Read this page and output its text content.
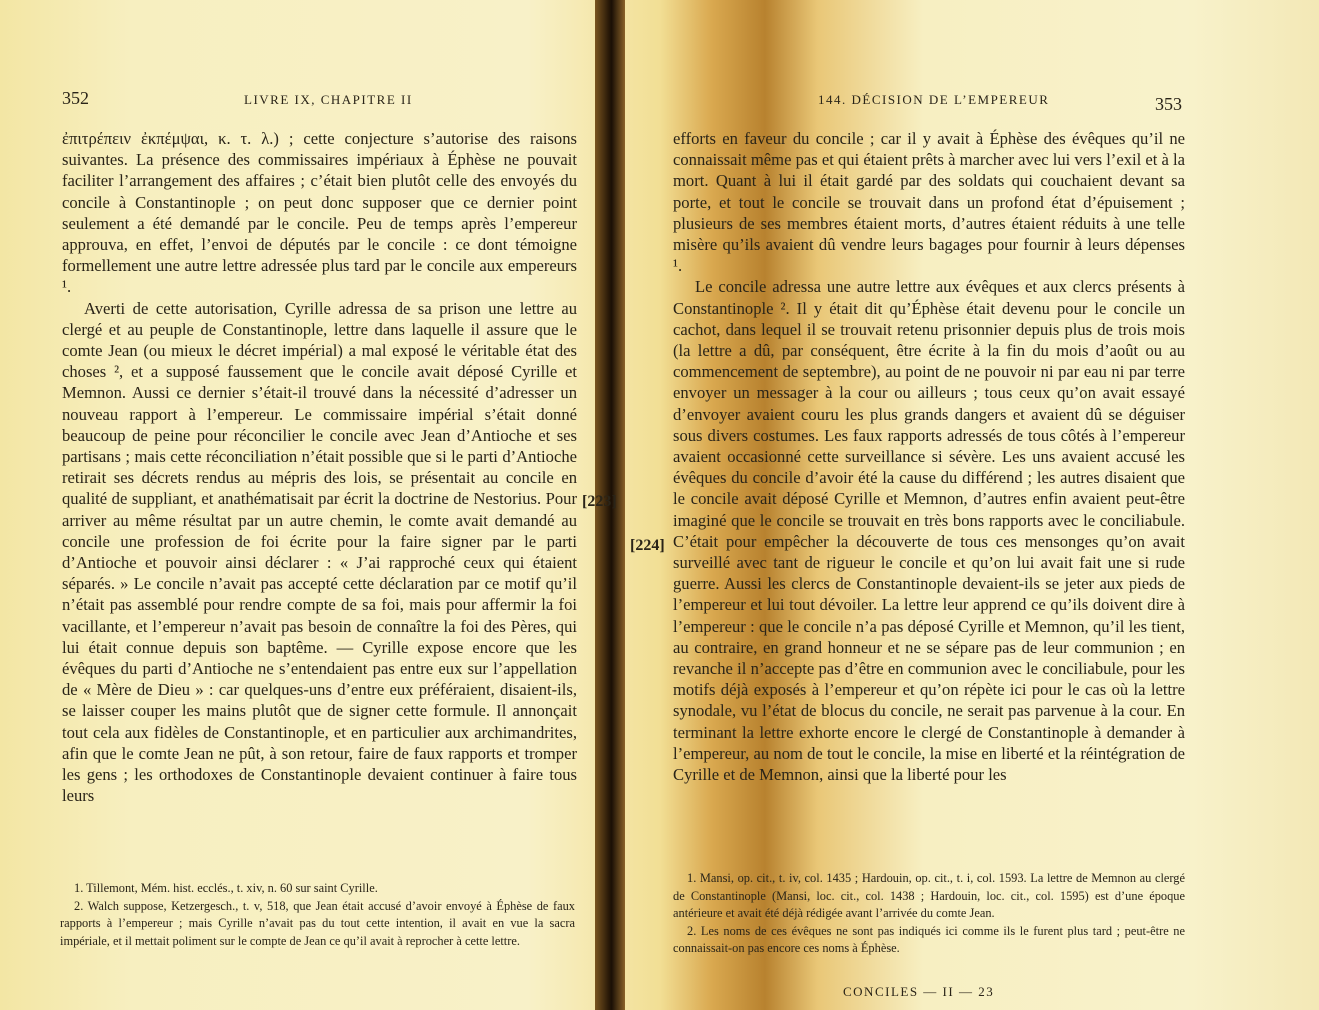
352	LIVRE IX, CHAPITRE II

ἐπιτρέπειν ἐκπέμψαι, κ. τ. λ.) ; cette conjecture s’autorise des raisons suivantes. La présence des commissaires impériaux à Éphèse ne pouvait faciliter l’arrangement des affaires ; c’était bien plutôt celle des envoyés du concile à Constantinople ; on peut donc supposer que ce dernier point seulement a été demandé par le concile. Peu de temps après l’empereur approuva, en effet, l’envoi de députés par le concile : ce dont témoigne formellement une autre lettre adressée plus tard par le concile aux empereurs ¹.

Averti de cette autorisation, Cyrille adressa de sa prison une lettre au clergé et au peuple de Constantinople, lettre dans laquelle il assure que le comte Jean (ou mieux le décret impérial) a mal exposé le véritable état des choses ², et a supposé faussement que le concile avait déposé Cyrille et Memnon. Aussi ce dernier s’était-il trouvé dans la nécessité d’adresser un nouveau rapport à l’empereur. Le commissaire impérial s’était donné beaucoup de peine pour réconcilier le concile avec Jean d’Antioche et ses partisans ; mais cette réconciliation n’était possible que si le parti d’Antioche retirait ses décrets rendus au mépris des lois, se présentait au concile en qualité de suppliant, et anathématisait par écrit la doctrine de Nestorius. Pour arriver au même résultat par un autre chemin, le comte avait demandé au concile une profession de foi écrite pour la faire signer par le parti d’Antioche et pouvoir ainsi déclarer : « J’ai rapproché ceux qui étaient séparés. » Le concile n’avait pas accepté cette déclaration par ce motif qu’il n’était pas assemblé pour rendre compte de sa foi, mais pour affermir la foi vacillante, et l’empereur n’avait pas besoin de connaître la foi des Pères, qui lui était connue depuis son baptême. — Cyrille expose encore que les évêques du parti d’Antioche ne s’entendaient pas entre eux sur l’appellation de « Mère de Dieu » : car quelques-uns d’entre eux préféraient, disaient-ils, se laisser couper les mains plutôt que de signer cette formule. Il annonçait tout cela aux fidèles de Constantinople, et en particulier aux archimandrites, afin que le comte Jean ne pût, à son retour, faire de faux rapports et tromper les gens ; les orthodoxes de Constantinople devaient continuer à faire tous leurs

1. Tillemont, Mém. hist. ecclés., t. xiv, n. 60 sur saint Cyrille.

2. Walch suppose, Ketzergesch., t. v, 518, que Jean était accusé d’avoir envoyé à Éphèse de faux rapports à l’empereur ; mais Cyrille n’avait pas du tout cette intention, il avait en vue la sacra impériale, et il mettait poliment sur le compte de Jean ce qu’il avait à reprocher à cette lettre.

[223]
144. DÉCISION DE L’EMPEREUR	353

efforts en faveur du concile ; car il y avait à Éphèse des évêques qu’il ne connaissait même pas et qui étaient prêts à marcher avec lui vers l’exil et à la mort. Quant à lui il était gardé par des soldats qui couchaient devant sa porte, et tout le concile se trouvait dans un profond état d’épuisement ; plusieurs de ses membres étaient morts, d’autres étaient réduits à une telle misère qu’ils avaient dû vendre leurs bagages pour fournir à leurs dépenses ¹.

Le concile adressa une autre lettre aux évêques et aux clercs présents à Constantinople ². Il y était dit qu’Éphèse était devenu pour le concile un cachot, dans lequel il se trouvait retenu prisonnier depuis plus de trois mois (la lettre a dû, par conséquent, être écrite à la fin du mois d’août ou au commencement de septembre), au point de ne pouvoir ni par eau ni par terre envoyer un messager à la cour ou ailleurs ; tous ceux qu’on avait essayé d’envoyer avaient couru les plus grands dangers et avaient dû se déguiser sous divers costumes. Les faux rapports adressés de tous côtés à l’empereur avaient occasionné cette surveillance si sévère. Les uns avaient accusé les évêques du concile d’avoir été la cause du différend ; les autres disaient que le concile avait déposé Cyrille et Memnon, d’autres enfin avaient peut-être imaginé que le concile se trouvait en très bons rapports avec le conciliabule. C’était pour empêcher la découverte de tous ces mensonges qu’on avait surveillé avec tant de rigueur le concile et qu’on lui avait fait une si rude guerre. Aussi les clercs de Constantinople devaient-ils se jeter aux pieds de l’empereur et lui tout dévoiler. La lettre leur apprend ce qu’ils doivent dire à l’empereur : que le concile n’a pas déposé Cyrille et Memnon, qu’il les tient, au contraire, en grand honneur et ne se sépare pas de leur communion ; en revanche il n’accepte pas d’être en communion avec le conciliabule, pour les motifs déjà exposés à l’empereur et qu’on répète ici pour le cas où la lettre synodale, vu l’état de blocus du concile, ne serait pas parvenue à la cour. En terminant la lettre exhorte encore le clergé de Constantinople à demander à l’empereur, au nom de tout le concile, la mise en liberté et la réintégration de Cyrille et de Memnon, ainsi que la liberté pour les

1. Mansi, op. cit., t. iv, col. 1435 ; Hardouin, op. cit., t. i, col. 1593. La lettre de Memnon au clergé de Constantinople (Mansi, loc. cit., col. 1438 ; Hardouin, loc. cit., col. 1595) est d’une époque antérieure et avait été déjà rédigée avant l’arrivée du comte Jean.

2. Les noms de ces évêques ne sont pas indiqués ici comme ils le furent plus tard ; peut-être ne connaissait-on pas encore ces noms à Éphèse.

CONCILES — II — 23
[224]
